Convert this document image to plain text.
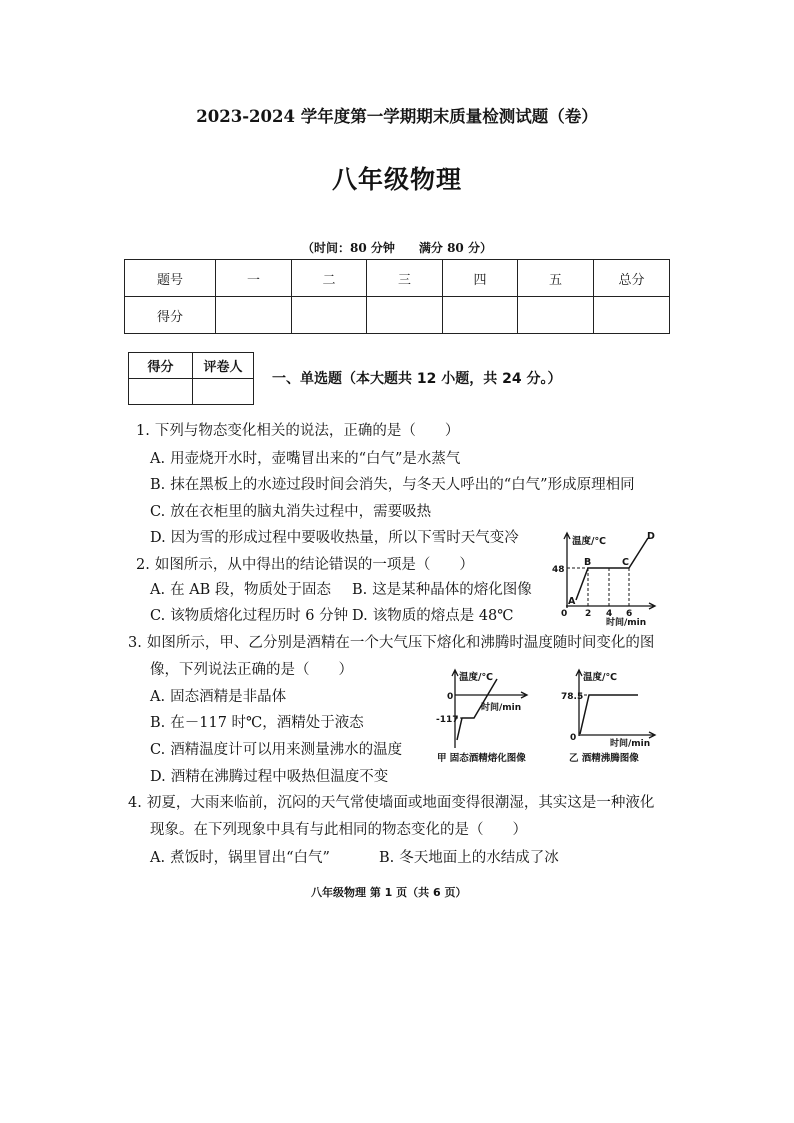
2023-2024 学年度第一学期期末质量检测试题（卷）
八年级物理
（时间：80 分钟　　满分 80 分）
题号	一	二	三	四	五	总分
得分						
得分	评卷人

一、单选题（本大题共 12 小题，共 24 分。）
1. 下列与物态变化相关的说法，正确的是（　　）
A. 用壶烧开水时，壶嘴冒出来的“白气”是水蒸气
B. 抹在黑板上的水迹过段时间会消失，与冬天人呼出的“白气”形成原理相同
C. 放在衣柜里的脑丸消失过程中，需要吸热
D. 因为雪的形成过程中要吸收热量，所以下雪时天气变冷
2. 如图所示，从中得出的结论错误的一项是（　　）
A. 在 AB 段，物质处于固态 B. 这是某种晶体的熔化图像
C. 该物质熔化过程历时 6 分钟 D. 该物质的熔点是 48℃
温度/℃	D
48
B	C
A
0 2 4 6
时间/min
3. 如图所示，甲、乙分别是酒精在一个大气压下熔化和沸腾时温度随时间变化的图
像，下列说法正确的是（　　）
A. 固态酒精是非晶体
B. 在－117 时℃，酒精处于液态
C. 酒精温度计可以用来测量沸水的温度
D. 酒精在沸腾过程中吸热但温度不变
温度/℃
0
时间/min
-117
甲 固态酒精熔化图像
温度/℃
78.5
0
时间/min
乙 酒精沸腾图像
4. 初夏，大雨来临前，沉闷的天气常使墙面或地面变得很潮湿，其实这是一种液化
现象。在下列现象中具有与此相同的物态变化的是（　　）
A. 煮饭时，锅里冒出“白气”	B. 冬天地面上的水结成了冰
八年级物理 第 1 页（共 6 页）
